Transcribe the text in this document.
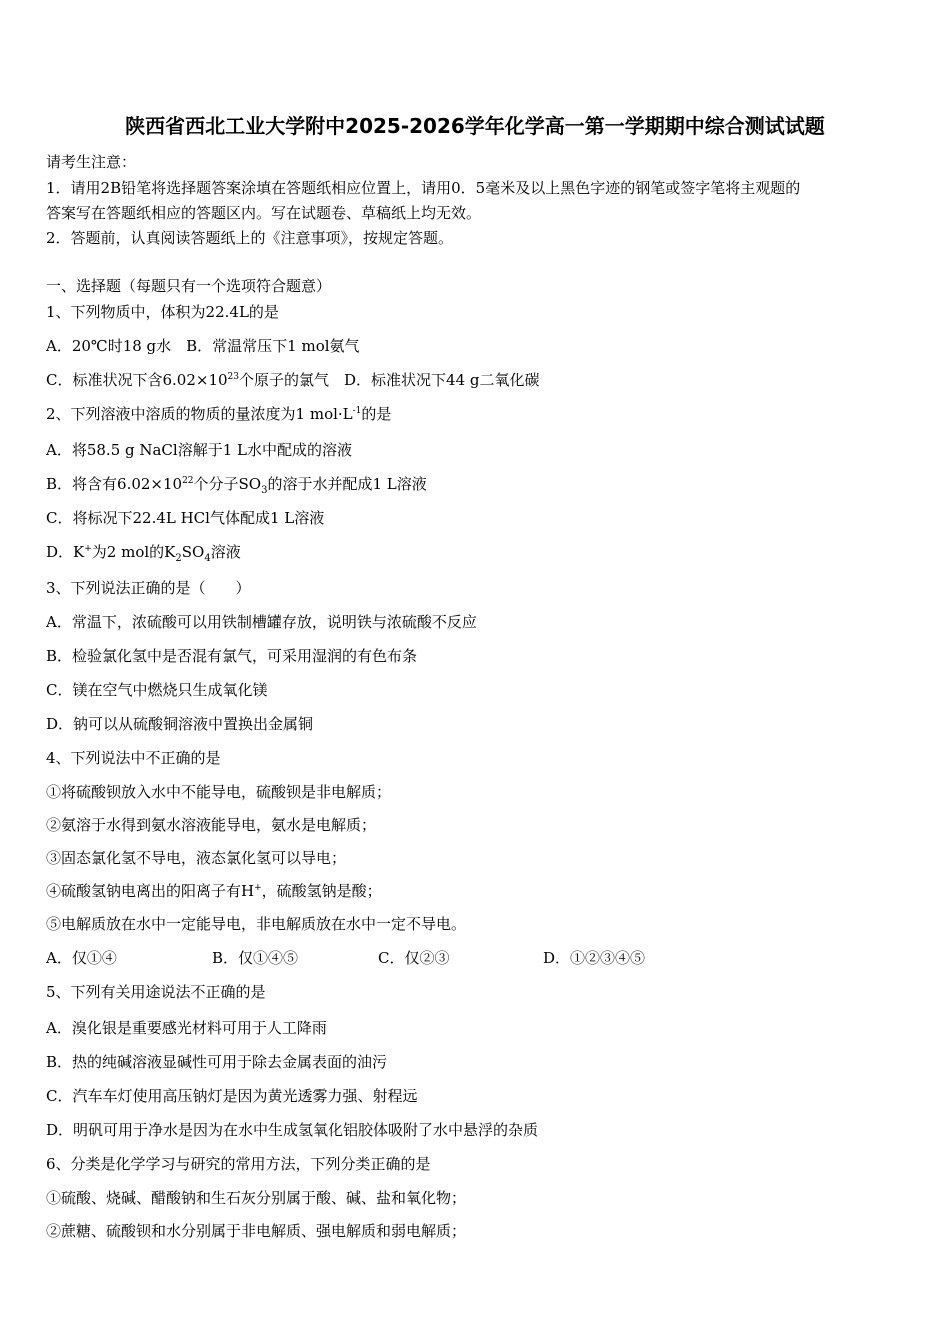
陕西省西北工业大学附中2025-2026学年化学高一第一学期期中综合测试试题
请考生注意：
1．请用2B铅笔将选择题答案涂填在答题纸相应位置上，请用0．5毫米及以上黑色字迹的钢笔或签字笔将主观题的
答案写在答题纸相应的答题区内。写在试题卷、草稿纸上均无效。
2．答题前，认真阅读答题纸上的《注意事项》，按规定答题。
一、选择题（每题只有一个选项符合题意）
1、下列物质中，体积为22.4L的是
A．20℃时18 g水　B．常温常压下1 mol氨气
C．标准状况下含$6.02\times 10^{23}$个原子的氯气　D．标准状况下44 g二氧化碳
2、下列溶液中溶质的物质的量浓度为1 $mol\cdot L^{-1}$的是
A．将58.5 g NaCl溶解于1 L水中配成的溶液
B．将含有$6.02\times 10^{22}$个分子$SO_3$的溶于水并配成1 L溶液
C．将标况下22.4L HCl气体配成1 L溶液
D．K+为2 mol的$K_2SO_4$溶液
3、下列说法正确的是（　　）
A．常温下，浓硫酸可以用铁制槽罐存放，说明铁与浓硫酸不反应
B．检验氯化氢中是否混有氯气，可采用湿润的有色布条
C．镁在空气中燃烧只生成氧化镁
D．钠可以从硫酸铜溶液中置换出金属铜
4、下列说法中不正确的是
①将硫酸钡放入水中不能导电，硫酸钡是非电解质；
②氨溶于水得到氨水溶液能导电，氨水是电解质；
③固态氯化氢不导电，液态氯化氢可以导电；
④硫酸氢钠电离出的阳离子有H+，硫酸氢钠是酸；
⑤电解质放在水中一定能导电，非电解质放在水中一定不导电。
A．仅①④	B．仅①④⑤	C．仅②③	D．①②③④⑤
5、下列有关用途说法不正确的是
A．溴化银是重要感光材料可用于人工降雨
B．热的纯碱溶液显碱性可用于除去金属表面的油污
C．汽车车灯使用高压钠灯是因为黄光透雾力强、射程远
D．明矾可用于净水是因为在水中生成氢氧化铝胶体吸附了水中悬浮的杂质
6、分类是化学学习与研究的常用方法，下列分类正确的是
①硫酸、烧碱、醋酸钠和生石灰分别属于酸、碱、盐和氧化物；
②蔗糖、硫酸钡和水分别属于非电解质、强电解质和弱电解质；
